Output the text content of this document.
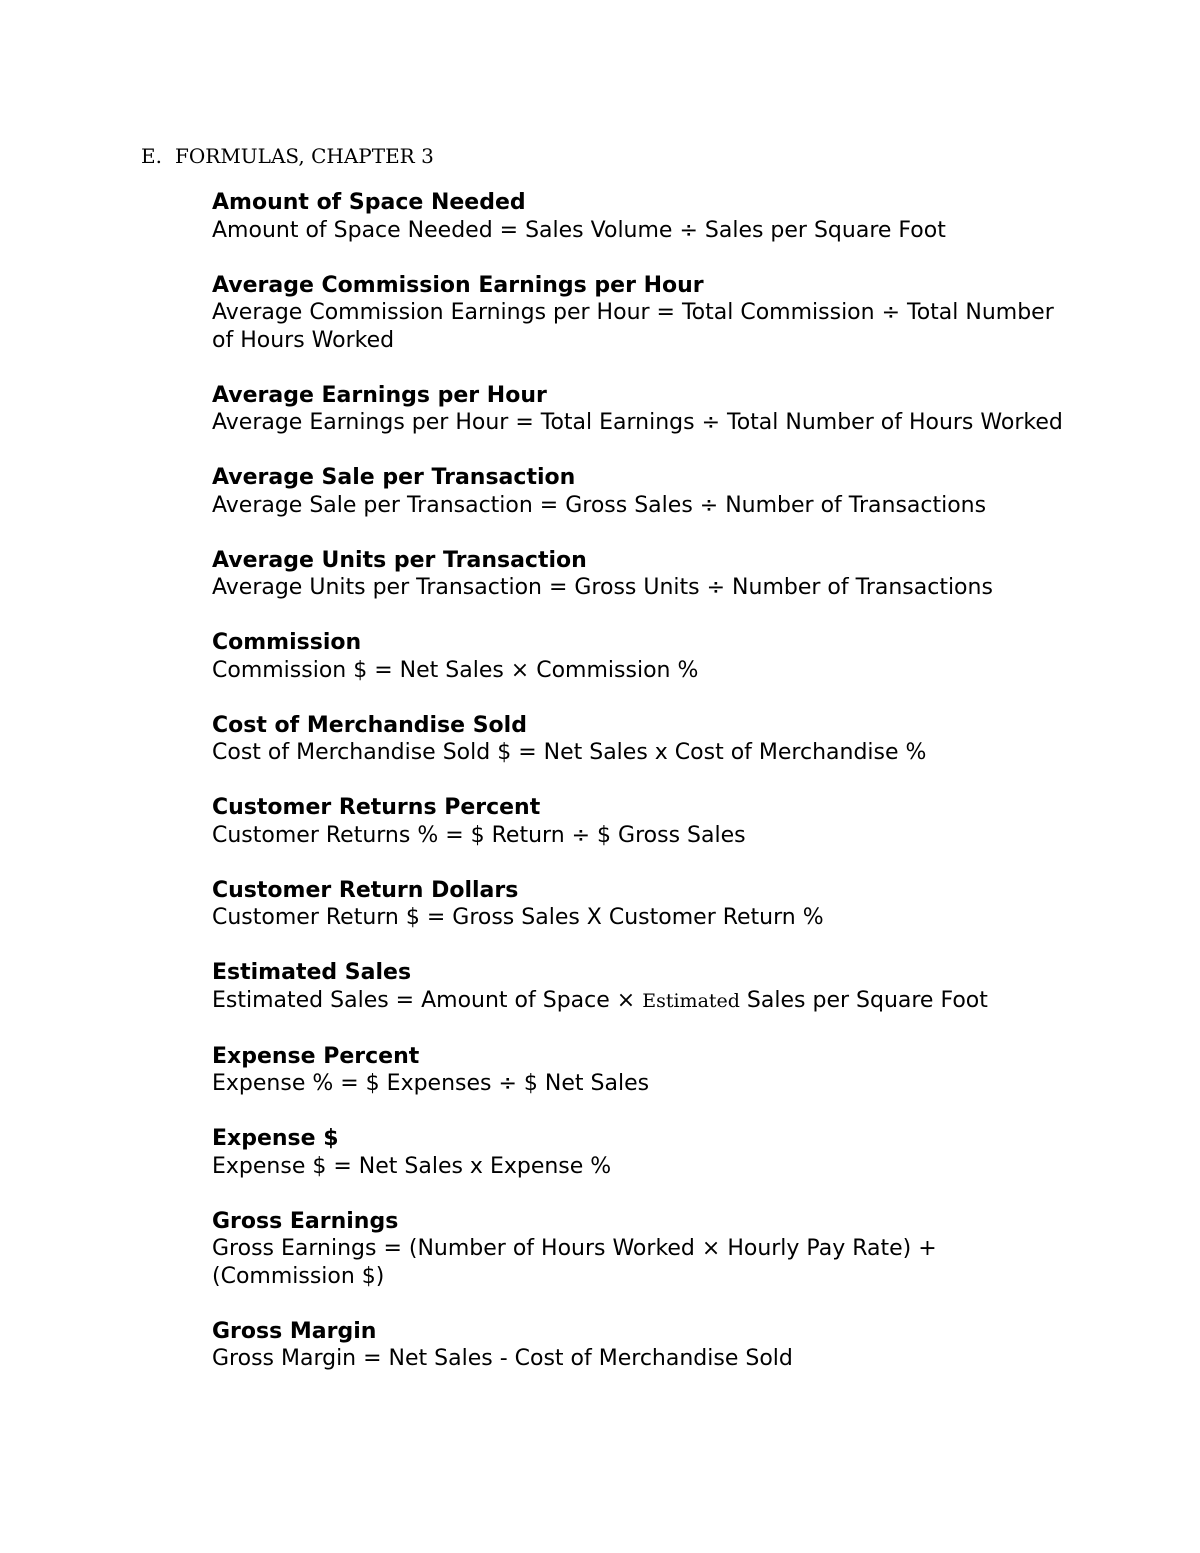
E. FORMULAS, CHAPTER 3
Amount of Space Needed
Amount of Space Needed = Sales Volume ÷ Sales per Square Foot
Average Commission Earnings per Hour
Average Commission Earnings per Hour = Total Commission ÷ Total Number of Hours Worked
Average Earnings per Hour
Average Earnings per Hour = Total Earnings ÷ Total Number of Hours Worked
Average Sale per Transaction
Average Sale per Transaction = Gross Sales ÷ Number of Transactions
Average Units per Transaction
Average Units per Transaction = Gross Units ÷ Number of Transactions
Commission
Commission $ = Net Sales × Commission %
Cost of Merchandise Sold
Cost of Merchandise Sold $ = Net Sales x Cost of Merchandise %
Customer Returns Percent
Customer Returns % = $ Return ÷ $ Gross Sales
Customer Return Dollars
Customer Return $ = Gross Sales X Customer Return %
Estimated Sales
Estimated Sales = Amount of Space × Estimated Sales per Square Foot
Expense Percent
Expense % = $ Expenses ÷ $ Net Sales
Expense $
Expense $ = Net Sales x Expense %
Gross Earnings
Gross Earnings = (Number of Hours Worked × Hourly Pay Rate) + (Commission $)
Gross Margin
Gross Margin = Net Sales - Cost of Merchandise Sold
